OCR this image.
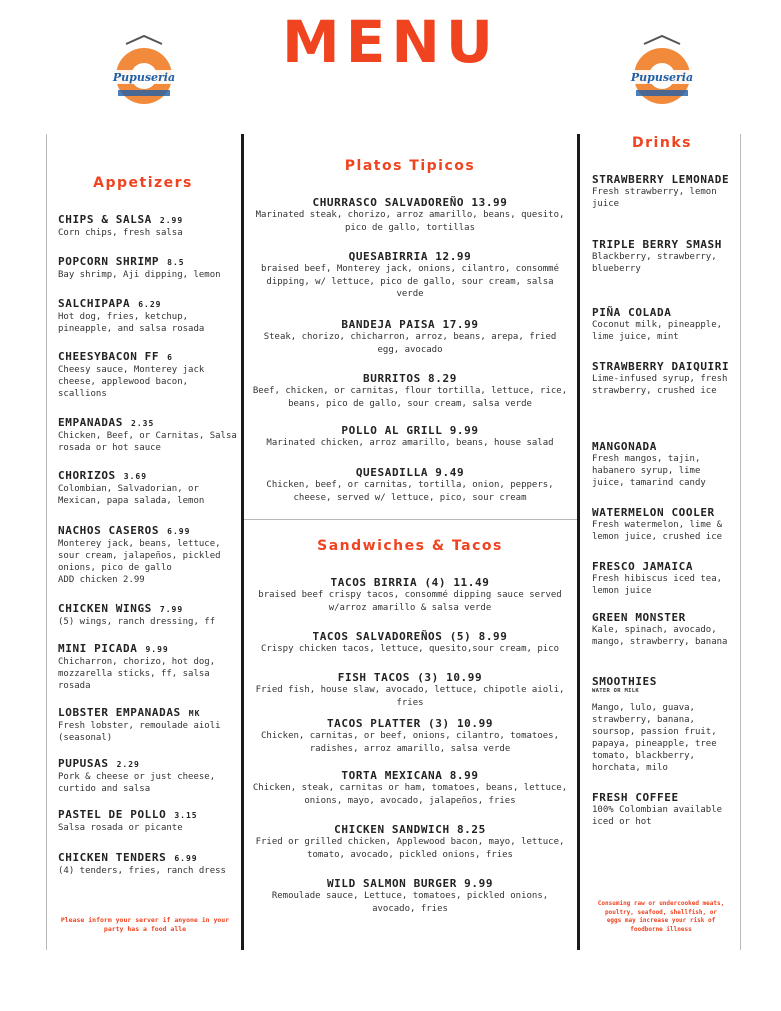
MENU
Pupuseria	Pupuseria
Appetizers
CHIPS & SALSA 2.99
Corn chips, fresh salsa
POPCORN SHRIMP 8.5
Bay shrimp, Aji dipping, lemon
SALCHIPAPA 6.29
Hot dog, fries, ketchup, pineapple, and salsa rosada
CHEESYBACON FF 6
Cheesy sauce, Monterey jack cheese, applewood bacon, scallions
EMPANADAS 2.35
Chicken, Beef, or Carnitas, Salsa rosada or hot sauce
CHORIZOS 3.69
Colombian, Salvadorian, or Mexican, papa salada, lemon
NACHOS CASEROS 6.99
Monterey jack, beans, lettuce, sour cream, jalapeños, pickled onions, pico de gallo
ADD chicken 2.99
CHICKEN WINGS 7.99
(5) wings, ranch dressing, ff
MINI PICADA 9.99
Chicharron, chorizo, hot dog, mozzarella sticks, ff, salsa rosada
LOBSTER EMPANADAS MK
Fresh lobster, remoulade aioli (seasonal)
PUPUSAS 2.29
Pork & cheese or just cheese, curtido and salsa
PASTEL DE POLLO 3.15
Salsa rosada or picante
CHICKEN TENDERS 6.99
(4) tenders, fries, ranch dress
Please inform your server if anyone in your party has a food alle
Platos Tipicos
CHURRASCO SALVADOREÑO 13.99
Marinated steak, chorizo, arroz amarillo, beans, quesito, pico de gallo, tortillas
QUESABIRRIA 12.99
braised beef, Monterey jack, onions, cilantro, consommé dipping, w/ lettuce, pico de gallo, sour cream, salsa verde
BANDEJA PAISA 17.99
Steak, chorizo, chicharron, arroz, beans, arepa, fried egg, avocado
BURRITOS 8.29
Beef, chicken, or carnitas, flour tortilla, lettuce, rice, beans, pico de gallo, sour cream, salsa verde
POLLO AL GRILL 9.99
Marinated chicken, arroz amarillo, beans, house salad
QUESADILLA 9.49
Chicken, beef, or carnitas, tortilla, onion, peppers, cheese, served w/ lettuce, pico, sour cream
Sandwiches & Tacos
TACOS BIRRIA (4) 11.49
braised beef crispy tacos, consommé dipping sauce served w/arroz amarillo & salsa verde
TACOS SALVADOREÑOS (5) 8.99
Crispy chicken tacos, lettuce, quesito,sour cream, pico
FISH TACOS (3) 10.99
Fried fish, house slaw, avocado, lettuce, chipotle aioli, fries
TACOS PLATTER (3) 10.99
Chicken, carnitas, or beef, onions, cilantro, tomatoes, radishes, arroz amarillo, salsa verde
TORTA MEXICANA 8.99
Chicken, steak, carnitas or ham, tomatoes, beans, lettuce, onions, mayo, avocado, jalapeños, fries
CHICKEN SANDWICH 8.25
Fried or grilled chicken, Applewood bacon, mayo, lettuce, tomato, avocado, pickled onions, fries
WILD SALMON BURGER 9.99
Remoulade sauce, Lettuce, tomatoes, pickled onions, avocado, fries
Drinks
STRAWBERRY LEMONADE
Fresh strawberry, lemon juice
TRIPLE BERRY SMASH
Blackberry, strawberry, blueberry
PIÑA COLADA
Coconut milk, pineapple, lime juice, mint
STRAWBERRY DAIQUIRI
Lime-infused syrup, fresh strawberry, crushed ice
MANGONADA
Fresh mangos, tajin, habanero syrup, lime juice, tamarind candy
WATERMELON COOLER
Fresh watermelon, lime & lemon juice, crushed ice
FRESCO JAMAICA
Fresh hibiscus iced tea, lemon juice
GREEN MONSTER
Kale, spinach, avocado, mango, strawberry, banana
SMOOTHIES
WATER OR MILK
Mango, lulo, guava, strawberry, banana, soursop, passion fruit, papaya, pineapple, tree tomato, blackberry, horchata, milo
FRESH COFFEE
100% Colombian available iced or hot
Consuming raw or undercooked meats, poultry, seafood, shellfish, or eggs may increase your risk of foodborne illness
